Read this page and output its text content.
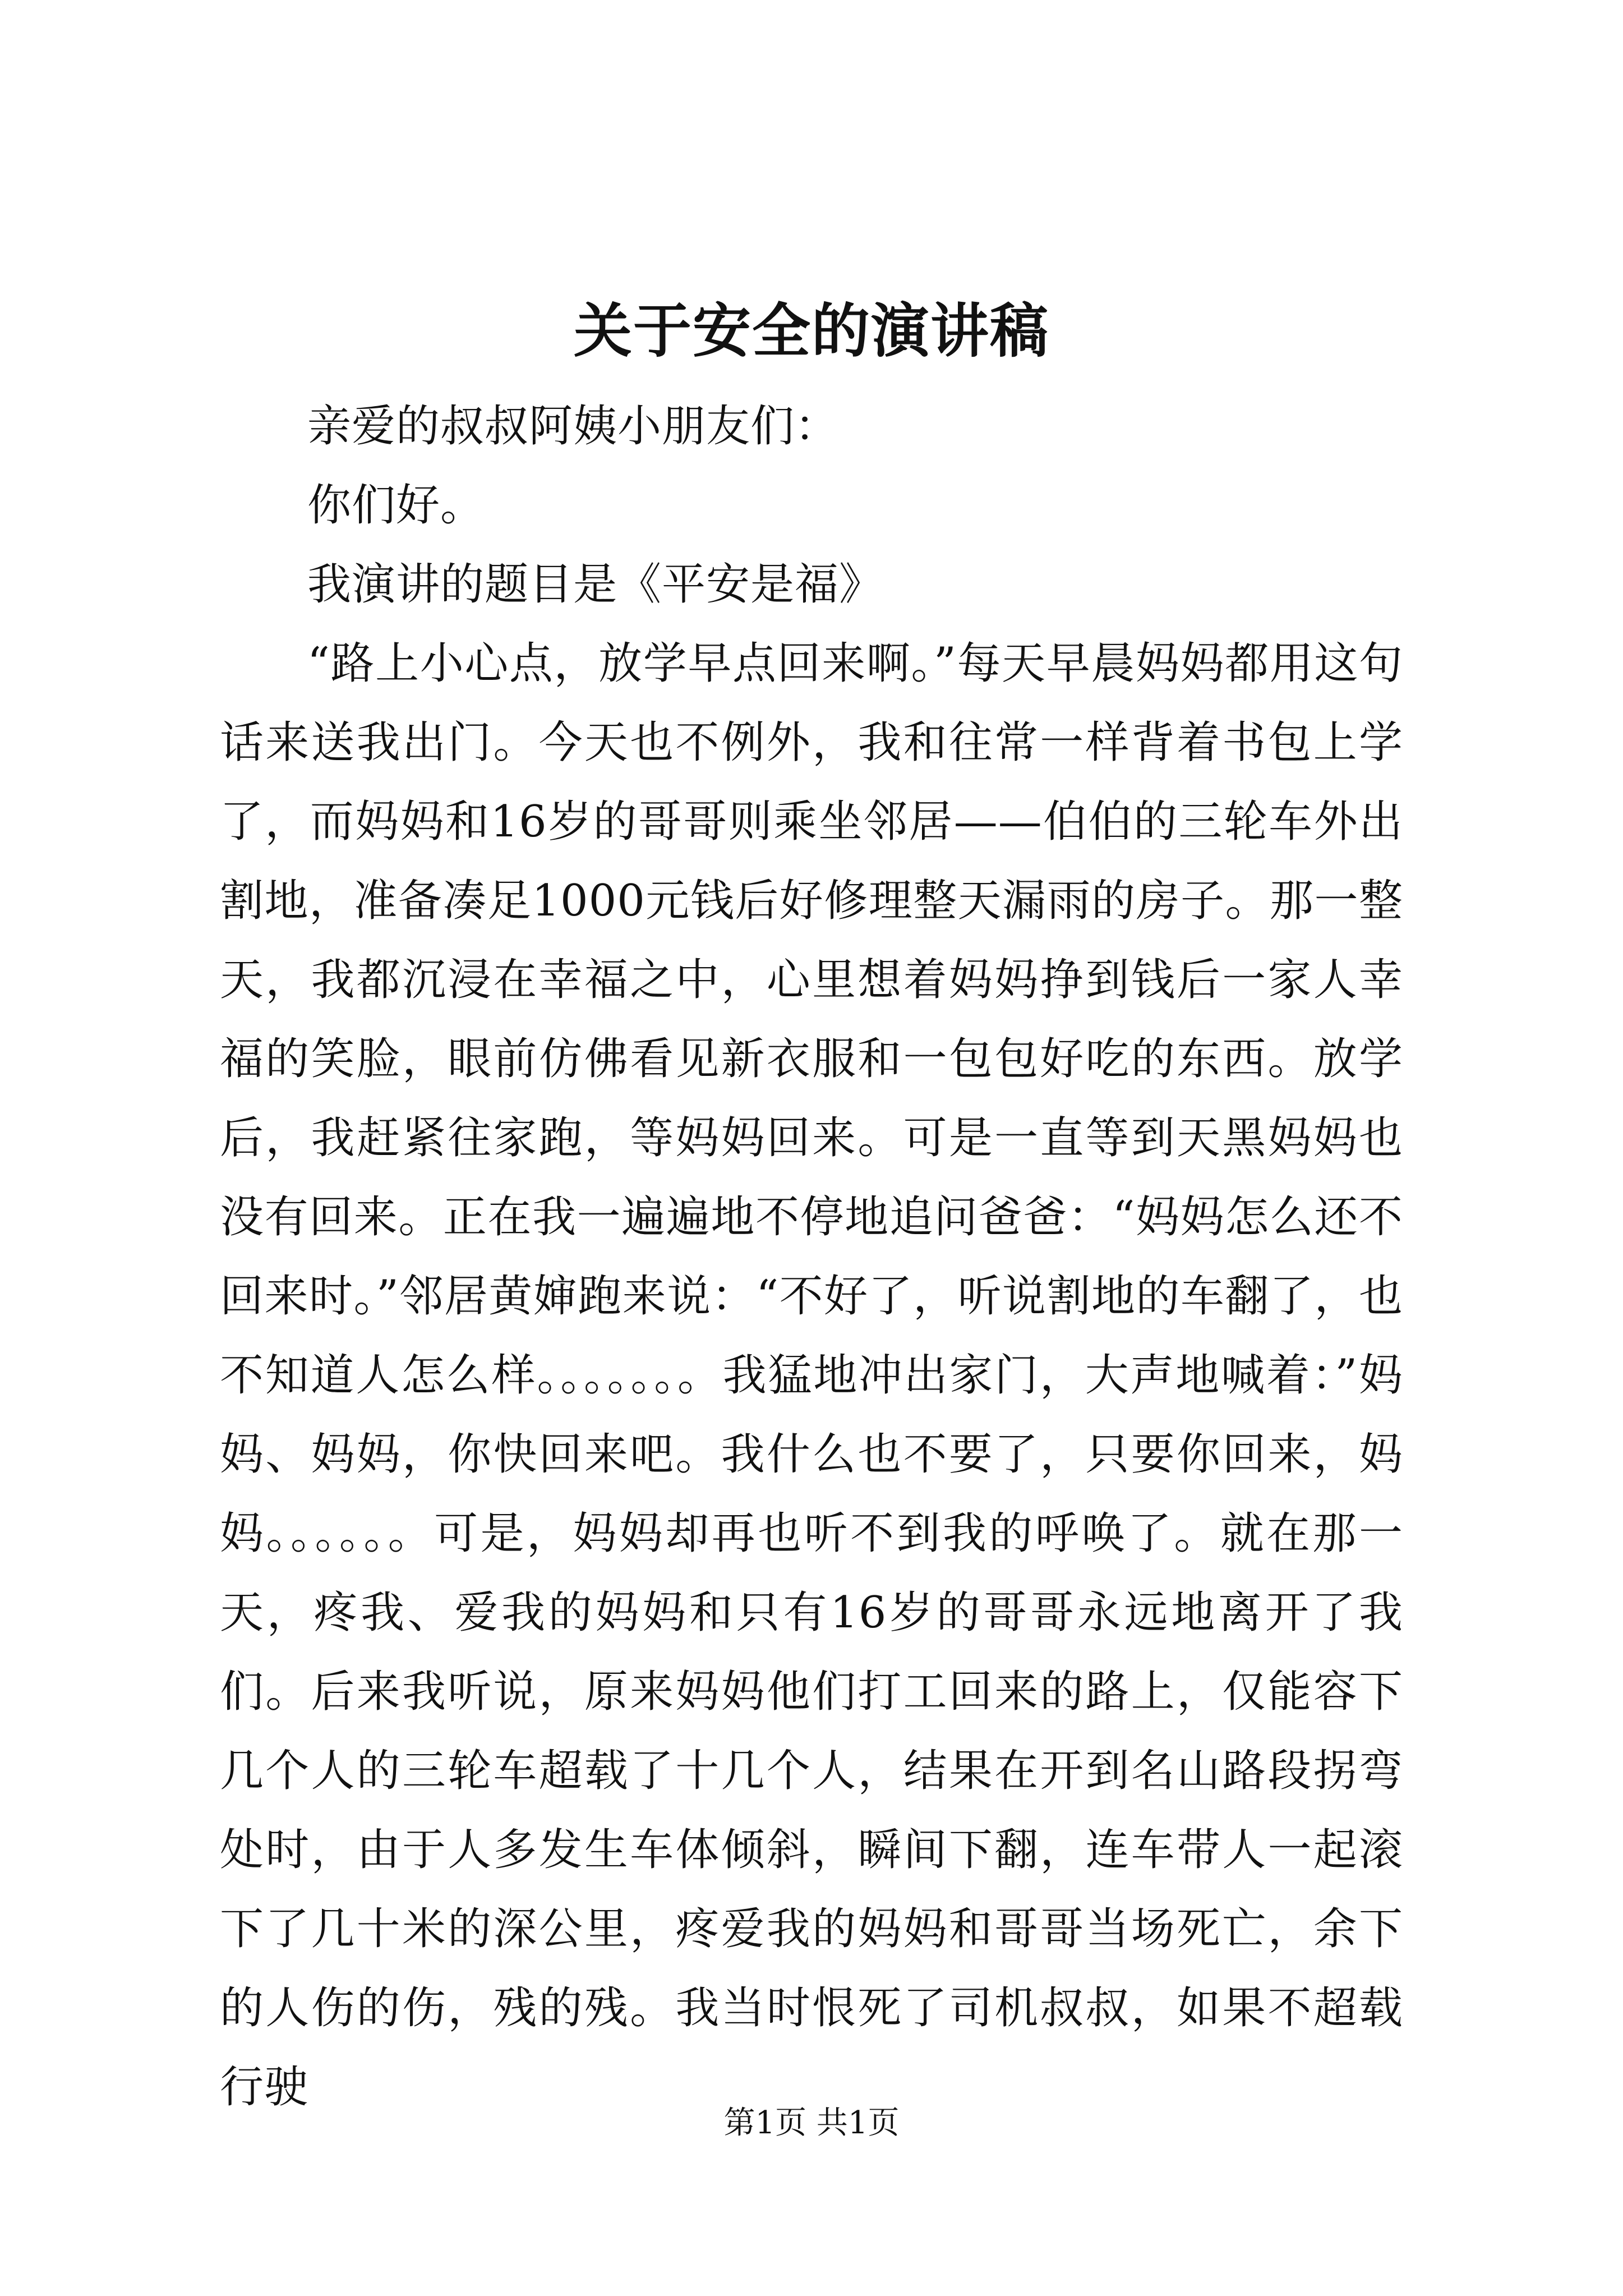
关于安全的演讲稿

亲爱的叔叔阿姨小朋友们：

你们好。

我演讲的题目是《平安是福》

“路上小心点，放学早点回来啊。”每天早晨妈妈都用这句话来送我出门。今天也不例外，我和往常一样背着书包上学了，而妈妈和16岁的哥哥则乘坐邻居——伯伯的三轮车外出割地，准备凑足1000元钱后好修理整天漏雨的房子。那一整天，我都沉浸在幸福之中，心里想着妈妈挣到钱后一家人幸福的笑脸，眼前仿佛看见新衣服和一包包好吃的东西。放学后，我赶紧往家跑，等妈妈回来。可是一直等到天黑妈妈也没有回来。正在我一遍遍地不停地追问爸爸：“妈妈怎么还不回来时。”邻居黄婶跑来说：“不好了，听说割地的车翻了，也不知道人怎么样。。。。。。。我猛地冲出家门，大声地喊着：”妈妈、妈妈，你快回来吧。我什么也不要了，只要你回来，妈妈。。。。。。可是，妈妈却再也听不到我的呼唤了。就在那一天，疼我、爱我的妈妈和只有16岁的哥哥永远地离开了我们。后来我听说，原来妈妈他们打工回来的路上，仅能容下几个人的三轮车超载了十几个人，结果在开到名山路段拐弯处时，由于人多发生车体倾斜，瞬间下翻，连车带人一起滚下了几十米的深公里，疼爱我的妈妈和哥哥当场死亡，余下的人伤的伤，残的残。我当时恨死了司机叔叔，如果不超载行驶

第1页 共1页
